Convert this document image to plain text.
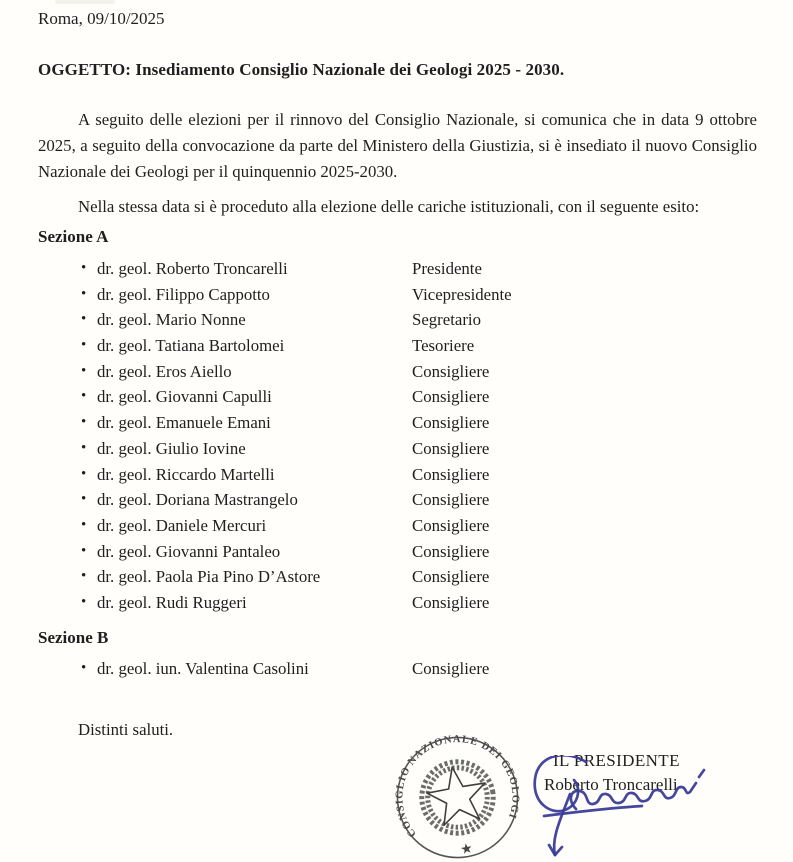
Roma, 09/10/2025
OGGETTO: Insediamento Consiglio Nazionale dei Geologi 2025 - 2030.

A seguito delle elezioni per il rinnovo del Consiglio Nazionale, si comunica che in data 9 ottobre 2025, a seguito della convocazione da parte del Ministero della Giustizia, si è insediato il nuovo Consiglio Nazionale dei Geologi per il quinquennio 2025-2030.

Nella stessa data si è proceduto alla elezione delle cariche istituzionali, con il seguente esito:

Sezione A
•
dr. geol. Roberto Troncarelli	Presidente
•
dr. geol. Filippo Cappotto	Vicepresidente
•
dr. geol. Mario Nonne	Segretario
•
dr. geol. Tatiana Bartolomei	Tesoriere
•
dr. geol. Eros Aiello	Consigliere
•
dr. geol. Giovanni Capulli	Consigliere
•
dr. geol. Emanuele Emani	Consigliere
•
dr. geol. Giulio Iovine	Consigliere
•
dr. geol. Riccardo Martelli	Consigliere
•
dr. geol. Doriana Mastrangelo	Consigliere
•
dr. geol. Daniele Mercuri	Consigliere
•
dr. geol. Giovanni Pantaleo	Consigliere
•
dr. geol. Paola Pia Pino D’Astore	Consigliere
•
dr. geol. Rudi Ruggeri	Consigliere
Sezione B
•
dr. geol. iun. Valentina Casolini	Consigliere
Distinti saluti.
CONSIGLIO NAZIONALE DEI GEOLOGI
IL PRESIDENTE
Roberto Troncarelli
